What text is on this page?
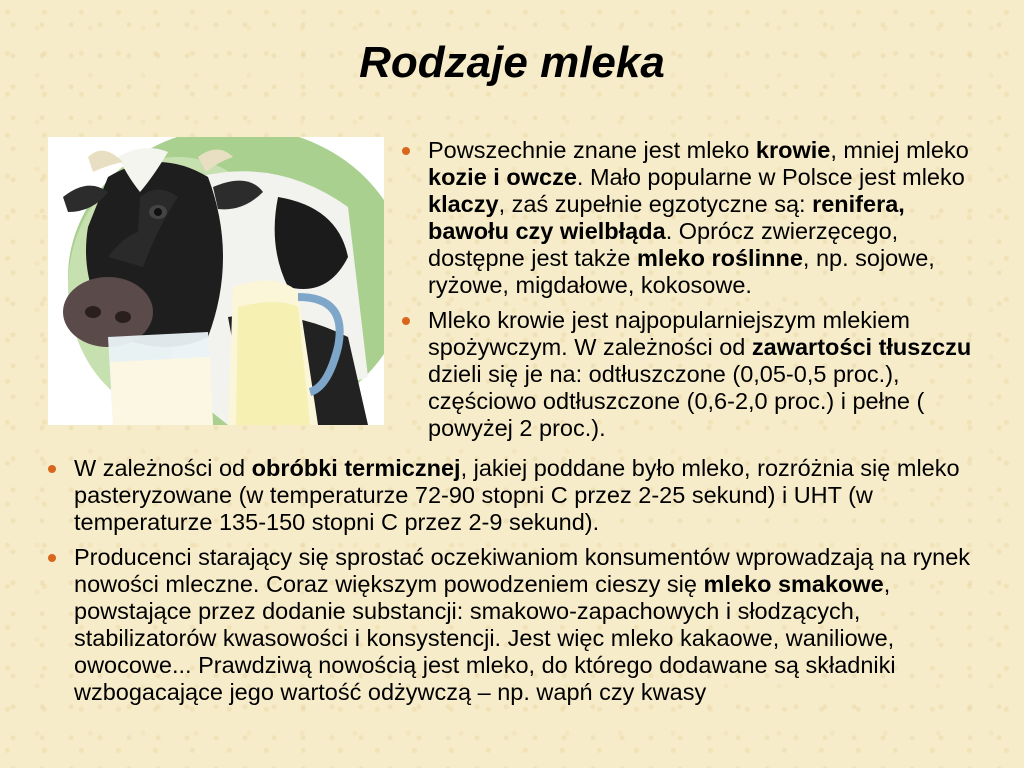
Rodzaje mleka
Powszechnie znane jest mleko krowie, mniej mleko kozie i owcze. Mało popularne w Polsce jest mleko klaczy, zaś zupełnie egzotyczne są: renifera, bawołu czy wielbłąda. Oprócz zwierzęcego, dostępne jest także mleko roślinne, np. sojowe, ryżowe, migdałowe, kokosowe.
Mleko krowie jest najpopularniejszym mlekiem spożywczym. W zależności od zawartości tłuszczu dzieli się je na: odtłuszczone (0,05-0,5 proc.), częściowo odtłuszczone (0,6-2,0 proc.) i pełne ( powyżej 2 proc.).
W zależności od obróbki termicznej, jakiej poddane było mleko, rozróżnia się mleko pasteryzowane (w temperaturze 72-90 stopni C przez 2-25 sekund) i UHT (w temperaturze 135-150 stopni C przez 2-9 sekund).
Producenci starający się sprostać oczekiwaniom konsumentów wprowadzają na rynek nowości mleczne. Coraz większym powodzeniem cieszy się mleko smakowe, powstające przez dodanie substancji: smakowo-zapachowych i słodzących, stabilizatorów kwasowości i konsystencji. Jest więc mleko kakaowe, waniliowe, owocowe... Prawdziwą nowością jest mleko, do którego dodawane są składniki wzbogacające jego wartość odżywczą – np. wapń czy kwasy
